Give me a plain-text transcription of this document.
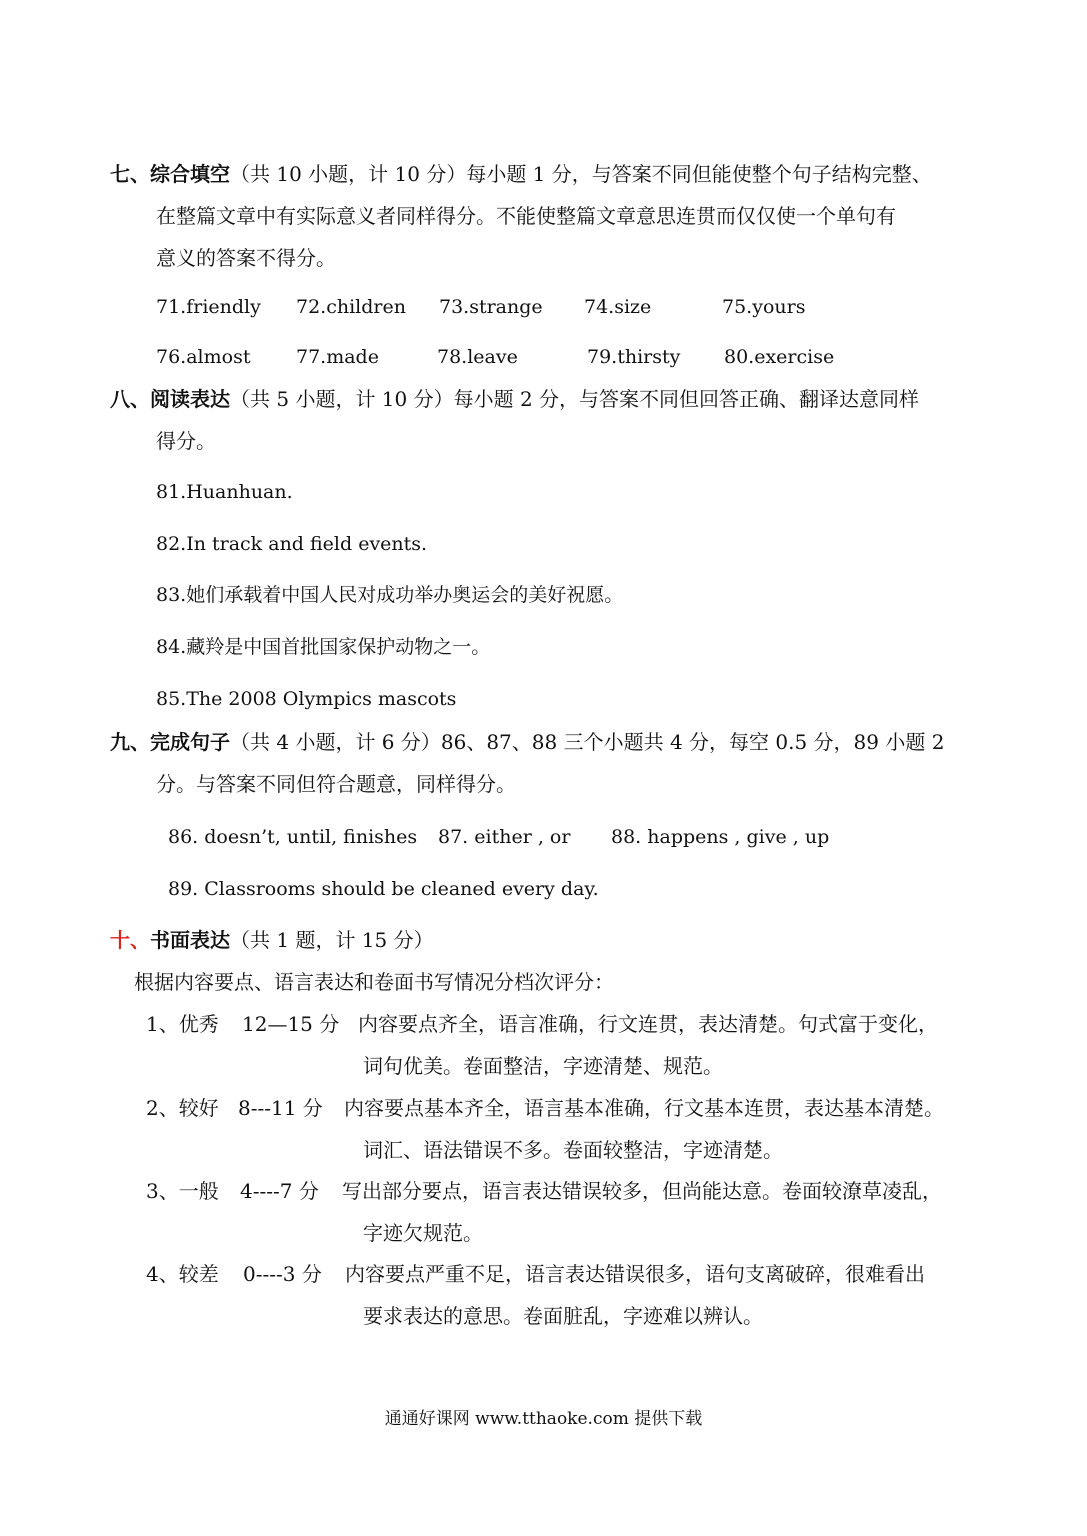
七、综合填空（共 10 小题，计 10 分）每小题 1 分，与答案不同但能使整个句子结构完整、
在整篇文章中有实际意义者同样得分。不能使整篇文章意思连贯而仅仅使一个单句有
意义的答案不得分。
71.friendly 72.children 73.strange 74.size	75.yours
76.almost 77.made	78.leave	79.thirsty 80.exercise
八、阅读表达（共 5 小题，计 10 分）每小题 2 分，与答案不同但回答正确、翻译达意同样
得分。
81.Huanhuan.
82.In track and field events.
83.她们承载着中国人民对成功举办奥运会的美好祝愿。
84.藏羚是中国首批国家保护动物之一。
85.The 2008 Olympics mascots
九、完成句子（共 4 小题，计 6 分）86、87、88 三个小题共 4 分，每空 0.5 分，89 小题 2
分。与答案不同但符合题意，同样得分。
86. doesn’t, until, finishes 87. either , or 88. happens , give , up
89. Classrooms should be cleaned every day.
十、书面表达（共 1 题，计 15 分）
根据内容要点、语言表达和卷面书写情况分档次评分：
1、优秀 12—15 分 内容要点齐全，语言准确，行文连贯，表达清楚。句式富于变化，
词句优美。卷面整洁，字迹清楚、规范。
2、较好 8---11 分 内容要点基本齐全，语言基本准确，行文基本连贯，表达基本清楚。
词汇、语法错误不多。卷面较整洁，字迹清楚。
3、一般 4----7 分 写出部分要点，语言表达错误较多，但尚能达意。卷面较潦草凌乱，
字迹欠规范。
4、较差 0----3 分 内容要点严重不足，语言表达错误很多，语句支离破碎，很难看出
要求表达的意思。卷面脏乱，字迹难以辨认。
通通好课网 www.tthaoke.com 提供下载
